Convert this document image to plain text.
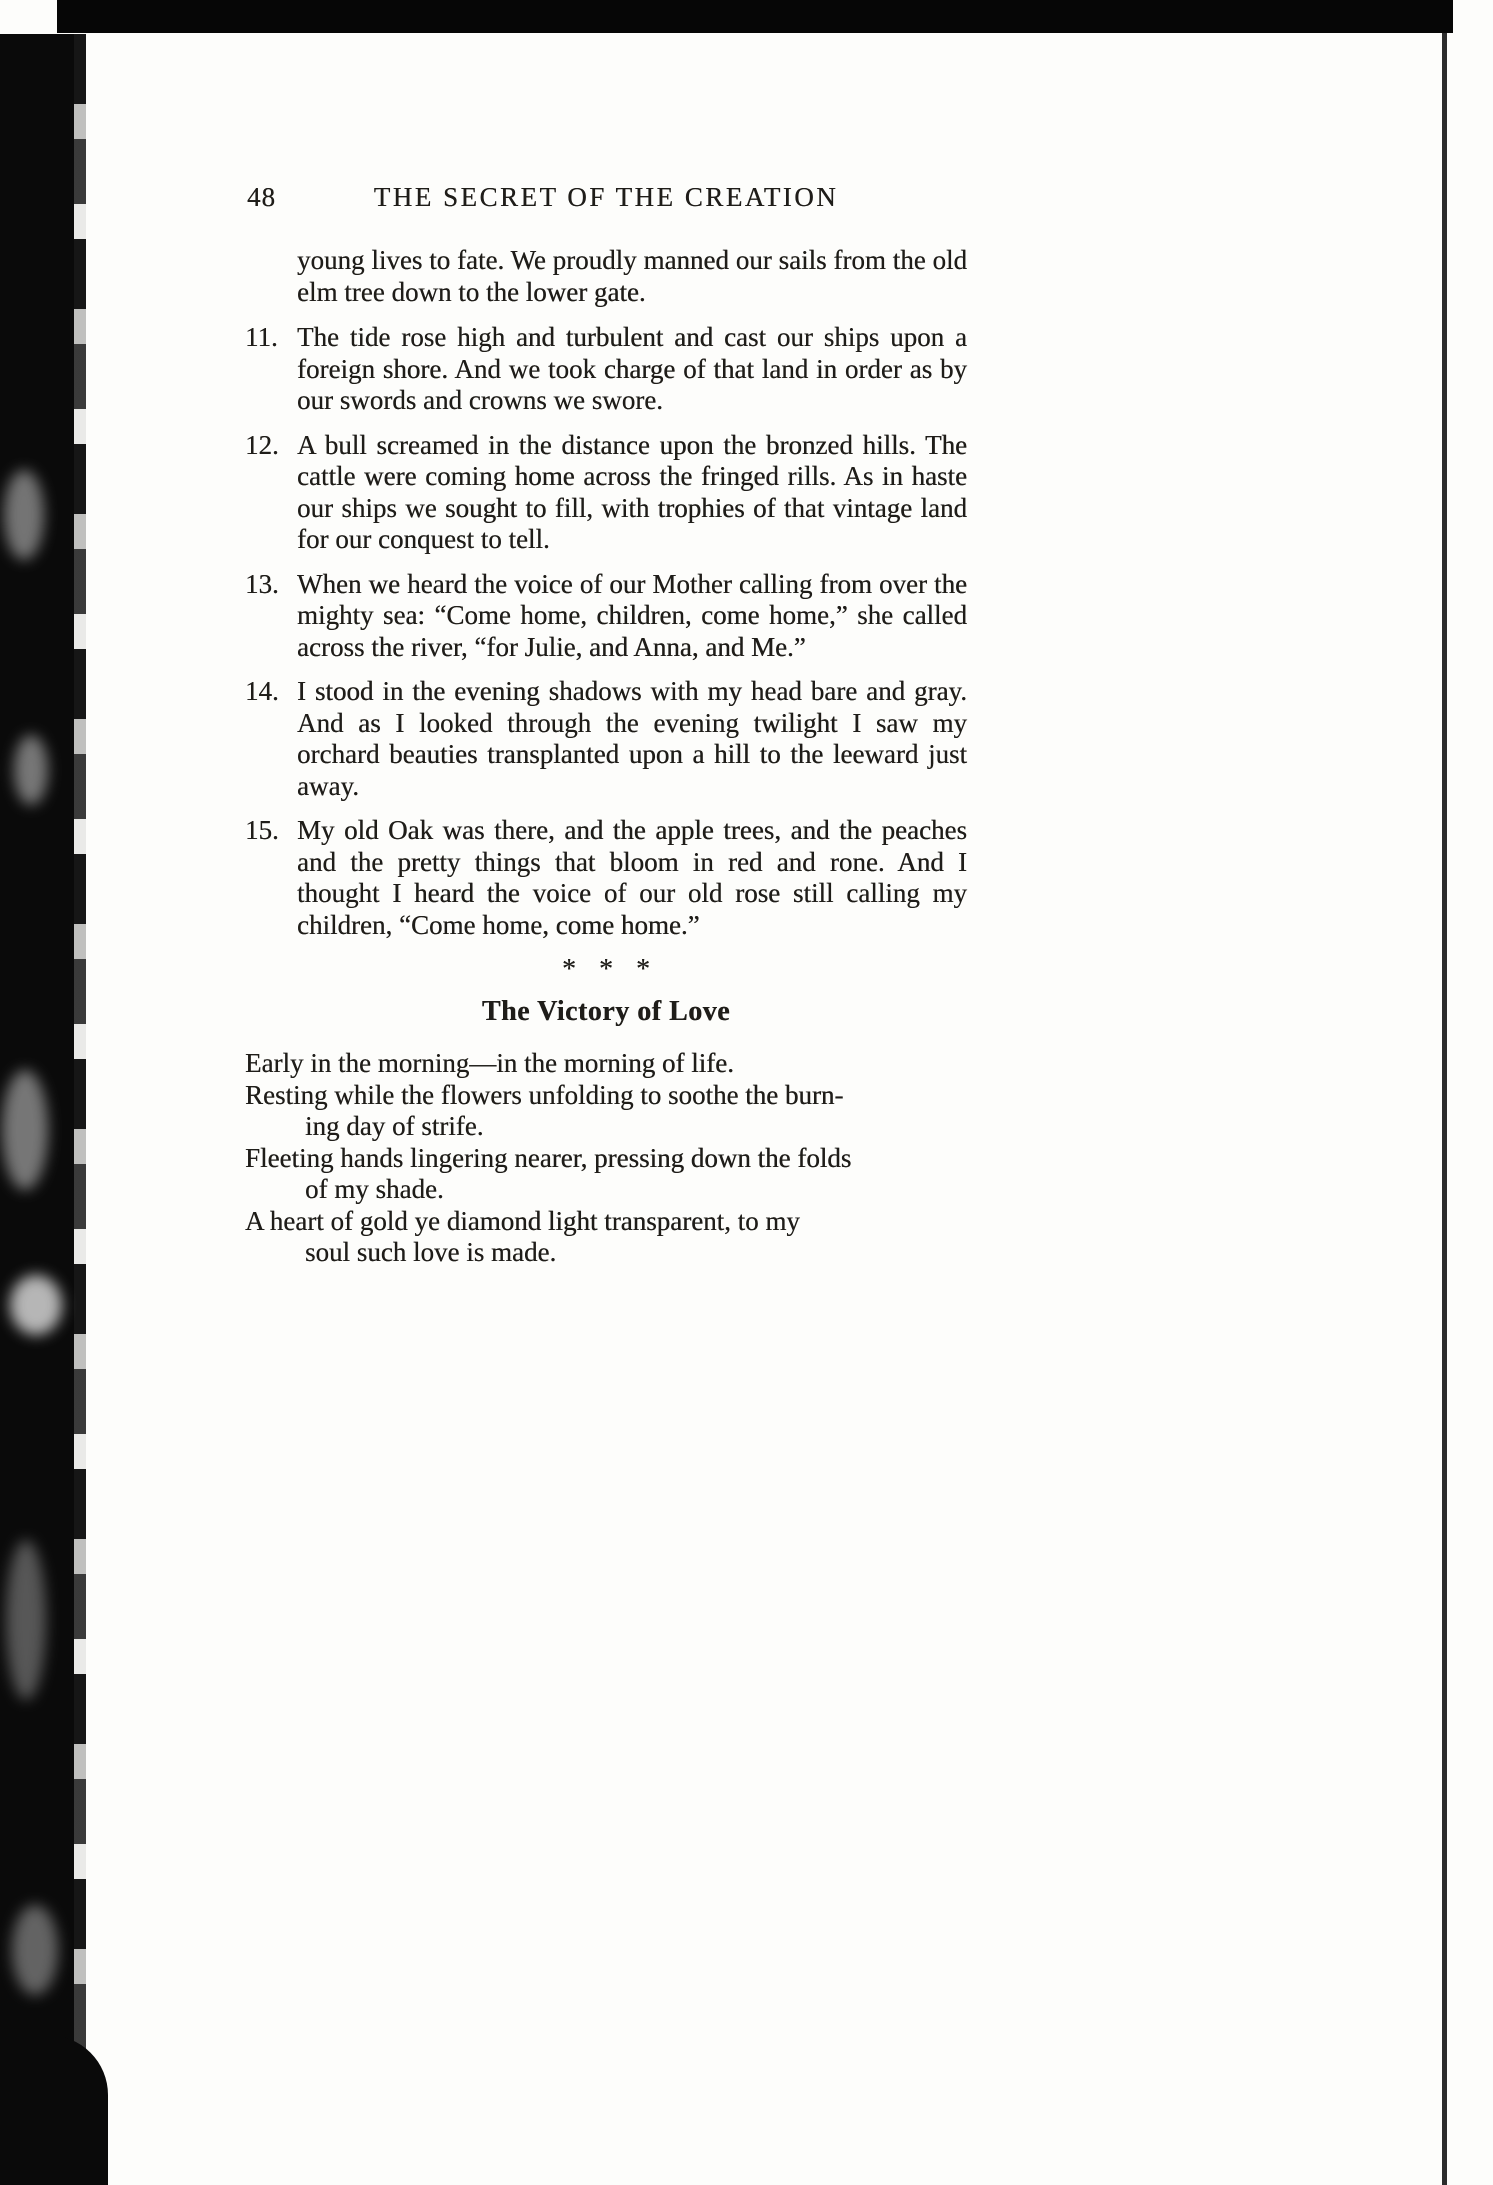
48	THE SECRET OF THE CREATION

young lives to fate. We proudly manned our sails from the old elm tree down to the lower gate.

11. The tide rose high and turbulent and cast our ships upon a foreign shore. And we took charge of that land in order as by our swords and crowns we swore.
12. A bull screamed in the distance upon the bronzed hills. The cattle were coming home across the fringed rills. As in haste our ships we sought to fill, with trophies of that vintage land for our conquest to tell.
13. When we heard the voice of our Mother calling from over the mighty sea: “Come home, children, come home,” she called across the river, “for Julie, and Anna, and Me.”
14. I stood in the evening shadows with my head bare and gray. And as I looked through the evening twilight I saw my orchard beauties transplanted upon a hill to the leeward just away.
15. My old Oak was there, and the apple trees, and the peaches and the pretty things that bloom in red and rone. And I thought I heard the voice of our old rose still calling my children, “Come home, come home.”
* * *
The Victory of Love
Early in the morning—in the morning of life.
Resting while the flowers unfolding to soothe the burn-
ing day of strife.
Fleeting hands lingering nearer, pressing down the folds
of my shade.
A heart of gold ye diamond light transparent, to my
soul such love is made.
